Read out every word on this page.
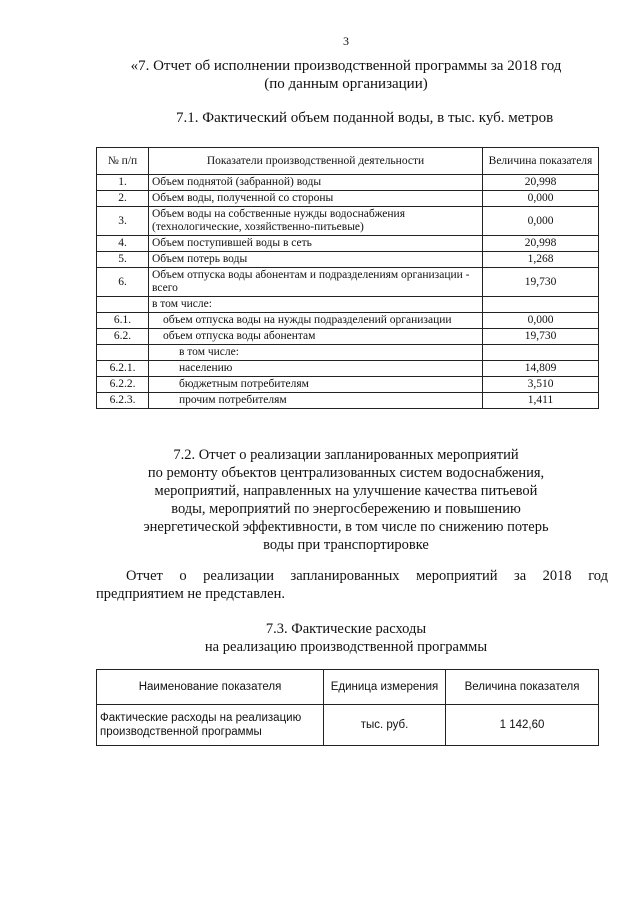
3
«7. Отчет об исполнении производственной программы за 2018 год
(по данным организации)
7.1. Фактический объем поданной воды, в тыс. куб. метров
№ п/п	Показатели производственной деятельности	Величина показателя
1.	Объем поднятой (забранной) воды	20,998
2.	Объем воды, полученной со стороны	0,000
3.	Объем воды на собственные нужды водоснабжения (технологические, хозяйственно-питьевые)	0,000
4.	Объем поступившей воды в сеть	20,998
5.	Объем потерь воды	1,268
6.	Объем отпуска воды абонентам и подразделениям организации - всего	19,730
	в том числе:	
6.1.	объем отпуска воды на нужды подразделений организации	0,000
6.2.	объем отпуска воды абонентам	19,730
	в том числе:	
6.2.1.	населению	14,809
6.2.2.	бюджетным потребителям	3,510
6.2.3.	прочим потребителям	1,411
7.2. Отчет о реализации запланированных мероприятий
по ремонту объектов централизованных систем водоснабжения,
мероприятий, направленных на улучшение качества питьевой
воды, мероприятий по энергосбережению и повышению
энергетической эффективности, в том числе по снижению потерь
воды при транспортировке
Отчет о реализации запланированных мероприятий за 2018 год предприятием не представлен.
7.3. Фактические расходы
на реализацию производственной программы
Наименование показателя	Единица измерения	Величина показателя
Фактические расходы на реализацию производственной программы	тыс. руб.	1 142,60
